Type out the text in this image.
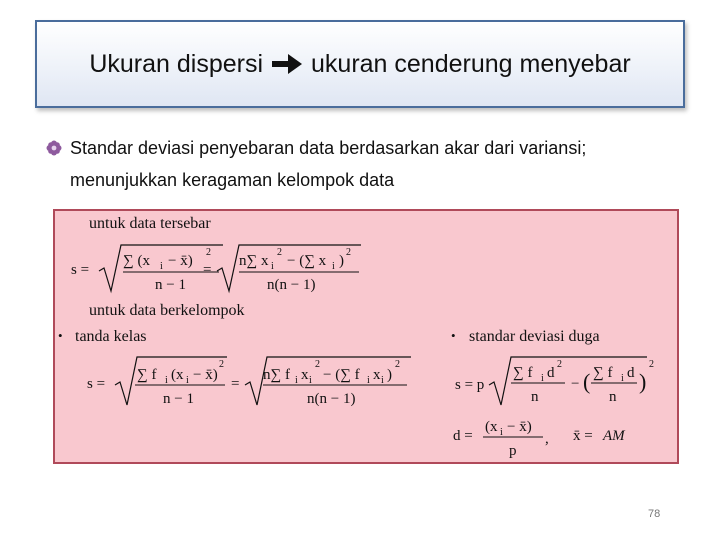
Ukuran dispersi ukuran cenderung menyebar
Standar deviasi penyebaran data berdasarkan akar dari variansi; menunjukkan keragaman kelompok data
untuk data tersebar
s =
∑ (x i − x̄)
2
n − 1
=
n∑ x i
2
− (∑ x i )
2
n(n − 1)
untuk data berkelompok
• tanda kelas
s =
∑ f i (x i − x̄)
2
n − 1
=
n∑ f i x i
2
− (∑ f i x i )
2
n(n − 1)
• standar deviasi duga
s = p
∑ f i d
2
n
− ( ∑ f i d
n
)
2
d =
(x i − x̄)
p
, x̄ = AM
78
